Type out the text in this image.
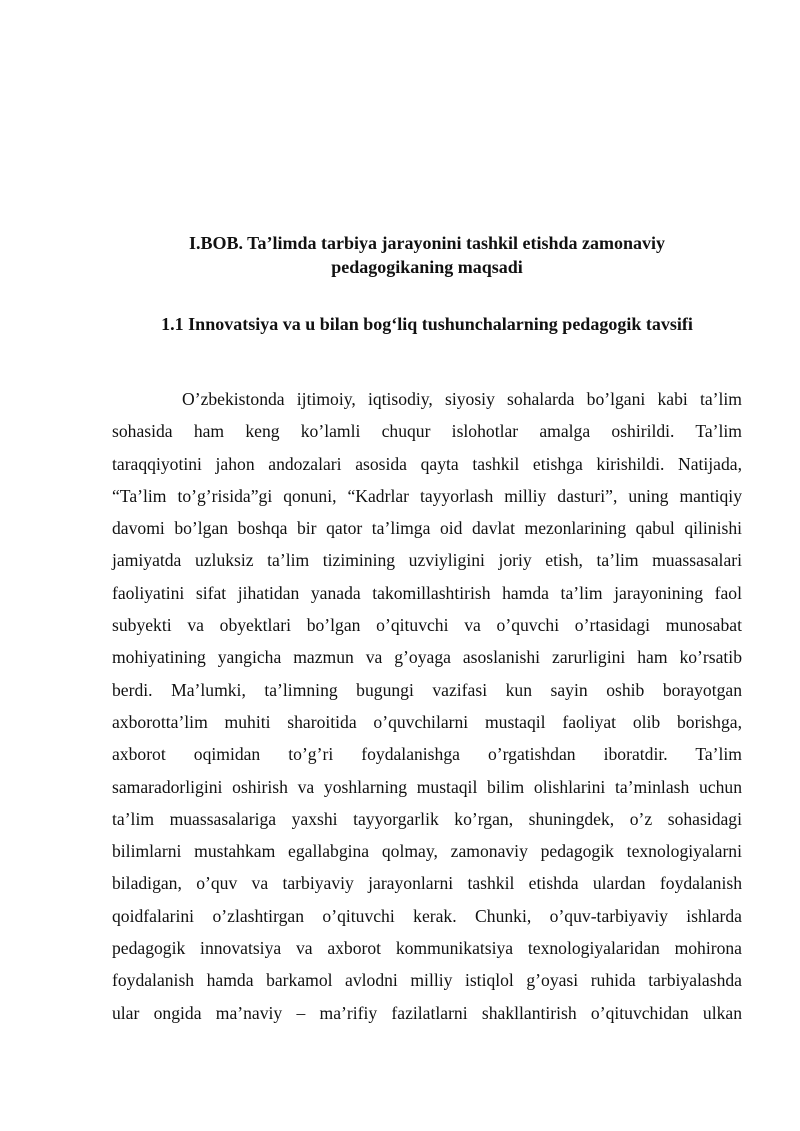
I.BOB. Ta’limda tarbiya jarayonini tashkil etishda zamonaviy
pedagogikaning maqsadi
1.1 Innovatsiya va u bilan bog‘liq tushunchalarning pedagogik tavsifi
O’zbekistonda ijtimoiy, iqtisodiy, siyosiy sohalarda bo’lgani kabi ta’lim
sohasida ham keng ko’lamli chuqur islohotlar amalga oshirildi. Ta’lim
taraqqiyotini jahon andozalari asosida qayta tashkil etishga kirishildi. Natijada,
“Ta’lim to’g’risida”gi qonuni, “Kadrlar tayyorlash milliy dasturi”, uning mantiqiy
davomi bo’lgan boshqa bir qator ta’limga oid davlat mezonlarining qabul qilinishi
jamiyatda uzluksiz ta’lim tizimining uzviyligini joriy etish, ta’lim muassasalari
faoliyatini sifat jihatidan yanada takomillashtirish hamda ta’lim jarayonining faol
subyekti va obyektlari bo’lgan o’qituvchi va o’quvchi o’rtasidagi munosabat
mohiyatining yangicha mazmun va g’oyaga asoslanishi zarurligini ham ko’rsatib
berdi. Ma’lumki, ta’limning bugungi vazifasi kun sayin oshib borayotgan
axborotta’lim muhiti sharoitida o’quvchilarni mustaqil faoliyat olib borishga,
axborot oqimidan to’g’ri foydalanishga o’rgatishdan iboratdir. Ta’lim
samaradorligini oshirish va yoshlarning mustaqil bilim olishlarini ta’minlash uchun
ta’lim muassasalariga yaxshi tayyorgarlik ko’rgan, shuningdek, o’z sohasidagi
bilimlarni mustahkam egallabgina qolmay, zamonaviy pedagogik texnologiyalarni
biladigan, o’quv va tarbiyaviy jarayonlarni tashkil etishda ulardan foydalanish
qoidfalarini o’zlashtirgan o’qituvchi kerak. Chunki, o’quv-tarbiyaviy ishlarda
pedagogik innovatsiya va axborot kommunikatsiya texnologiyalaridan mohirona
foydalanish hamda barkamol avlodni milliy istiqlol g’oyasi ruhida tarbiyalashda
ular ongida ma’naviy – ma’rifiy fazilatlarni shakllantirish o’qituvchidan ulkan
